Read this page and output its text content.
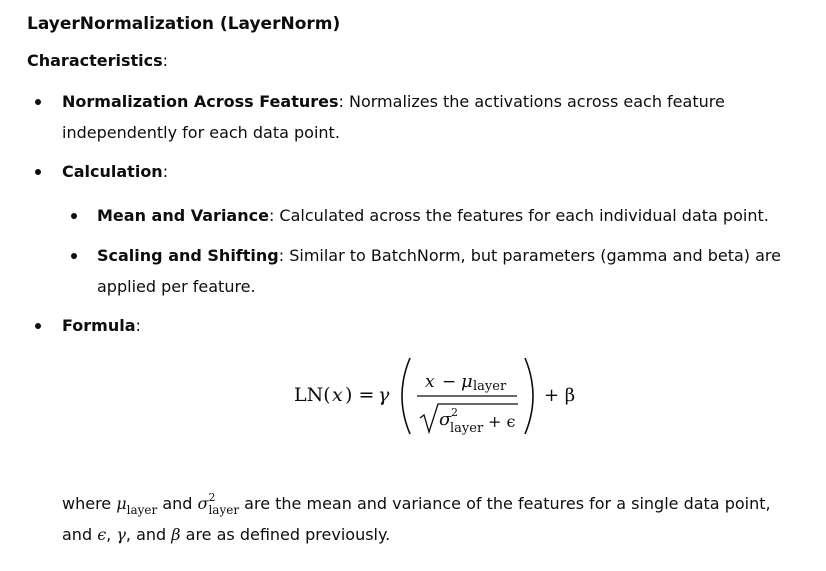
LayerNormalization (LayerNorm)
Characteristics:
Normalization Across Features: Normalizes the activations across each feature
independently for each data point.
Calculation:
Mean and Variance: Calculated across the features for each individual data point.
Scaling and Shifting: Similar to BatchNorm, but parameters (gamma and beta) are
applied per feature.
Formula:
LN( x ) = γ
x − μ layer
σ 2
layer + ϵ
+ β
where $\mu_{layer}$ and $\sigma^2_{layer}$ are the mean and variance of the features for a single data point,
and ϵ, γ, and β are as defined previously.
